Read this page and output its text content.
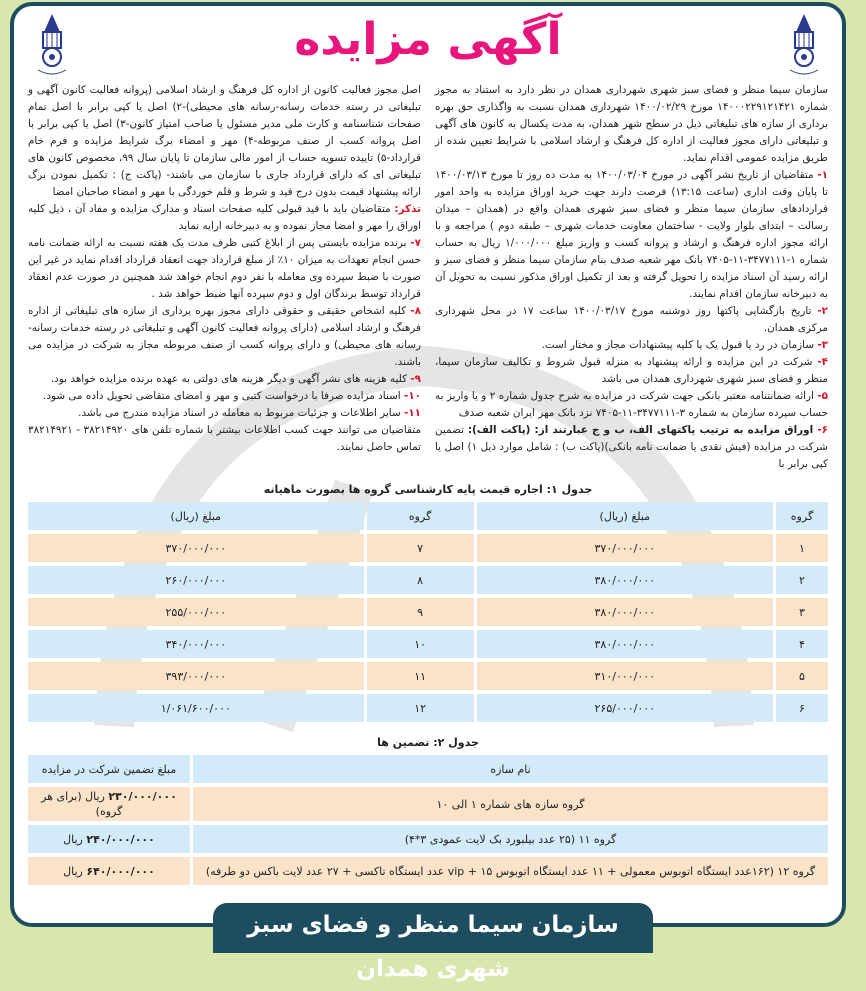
آگهی مزایده

سازمان سیما منظر و فضای سبز شهری شهرداری همدان در نظر دارد به استناد به مجوز شماره ۱۴۰۰۰۲۲۹۱۲۱۴۲۱ مورخ ۱۴۰۰/۰۲/۲۹ شهرداری همدان نسبت به واگذاری حق بهره برداری از سازه های تبلیغاتی ذیل در سطح شهر همدان، به مدت یکسال به کانون های آگهی و تبلیغاتی دارای مجوز فعالیت از اداره کل فرهنگ و ارشاد اسلامی با شرایط تعیین شده از طریق مزایده عمومی اقدام نماید.

۱- متقاضیان از تاریخ نشر آگهی در مورخ ۱۴۰۰/۰۳/۰۴ به مدت ده روز تا مورخ ۱۴۰۰/۰۳/۱۳ تا پایان وقت اداری (ساعت ۱۳:۱۵) فرصت دارند جهت خرید اوراق مزایده به واحد امور قراردادهای سازمان سیما منظر و فضای سبز شهری همدان واقع در (همدان – میدان رسالت – ابتدای بلوار ولایت - ساختمان معاونت خدمات شهری – طبقه دوم ) مراجعه و با ارائه مجوز اداره فرهنگ و ارشاد و پروانه کسب و واریز مبلغ ۱/۰۰۰/۰۰۰ ریال به حساب شماره ۱-۳۴۷۷۱۱۱-۱۱-۷۴۰۵ بانک مهر شعبه صدف بنام سازمان سیما منظر و فضای سبز و ارائه رسید آن اسناد مزایده را تحویل گرفته و بعد از تکمیل اوراق مذکور نسبت به تحویل آن به دبیرخانه سازمان اقدام نمایند.

۲- تاریخ بازگشایی پاکتها روز دوشنبه مورخ ۱۴۰۰/۰۳/۱۷ ساعت ۱۷ در محل شهرداری مرکزی همدان.

۳- سازمان در رد یا قبول یک یا کلیه پیشنهادات مجاز و مختار است.

۴- شرکت در این مزایده و ارائه پیشنهاد به منزله قبول شروط و تکالیف سازمان سیما، منظر و فضای سبز شهری شهرداری همدان می باشد

۵- ارائه ضمانتنامه معتبر بانکی جهت شرکت در مزایده به شرح جدول شماره ۲ و یا واریز به حساب سپرده سازمان به شماره ۳-۳۴۷۷۱۱۱-۱۱-۷۴۰۵ نزد بانک مهر ایران شعبه صدف

۶- اوراق مزایده به ترتیب پاکتهای الف، ب و ج عبارتند از: (پاکت الف): تضمین شرکت در مزایده (فیش نقدی یا ضمانت نامه بانکی)(پاکت ب) : شامل موارد ذیل ۱) اصل یا کپی برابر با

اصل مجوز فعالیت کانون از اداره کل فرهنگ و ارشاد اسلامی (پروانه فعالیت کانون آگهی و تبلیغاتی در رسته خدمات رسانه-رسانه های محیطی)-۲) اصل یا کپی برابر با اصل تمام صفحات شناسنامه و کارت ملی مدیر مسئول یا صاحب امتیاز کانون-۳) اصل یا کپی برابر با اصل پروانه کسب از صنف مربوطه-۴) مهر و امضاء برگ شرایط مزایده و فرم خام قرارداد-۵) تاییده تسویه حساب از امور مالی سازمان تا پایان سال ۹۹، مخصوص کانون های تبلیغاتی ای که دارای قرارداد جاری با سازمان می باشند- (پاکت ج) : تکمیل نمودن برگ ارائه پیشنهاد قیمت بدون درج قید و شرط و قلم خوردگی با مهر و امضاء صاحبان امضا

تذکر: متقاضیان باید با قید قبولی کلیه صفحات اسناد و مدارک مزایده و مفاد آن ، ذیل کلیه اوراق را مهر و امضا مجاز نموده و به دبیرخانه ارایه نماید

۷- برنده مزایده بایستی پس از ابلاغ کتبی ظرف مدت یک هفته نسبت به ارائه ضمانت نامه حسن انجام تعهدات به میزان ۱۰٪ از مبلغ قرارداد جهت انعقاد قرارداد اقدام نماید در غیر این صورت با ضبط سپرده وی معامله با نفر دوم انجام خواهد شد همچنین در صورت عدم انعقاد قرارداد توسط برندگان اول و دوم سپرده آنها ضبط خواهد شد .

۸- کلیه اشخاص حقیقی و حقوقی دارای مجوز بهره برداری از سازه های تبلیغاتی از اداره فرهنگ و ارشاد اسلامی (دارای پروانه فعالیت کانون آگهی و تبلیغاتی در رسته خدمات رسانه-رسانه های محیطی) و دارای پروانه کسب از صنف مربوطه مجاز به شرکت در مزایده می باشند.

۹- کلیه هزینه های نشر آگهی و دیگر هزینه های دولتی به عهده برنده مزایده خواهد بود.

۱۰- اسناد مزایده صرفا با درخواست کتبی و مهر و امضای متقاضی تحویل داده می شود.

۱۱- سایر اطلاعات و جزئیات مربوط به معامله در اسناد مزایده مندرج می باشد.

متقاضیان می توانند جهت کسب اطلاعات بیشتر با شماره تلفن های ۳۸۲۱۴۹۲۰ - ۳۸۲۱۴۹۲۱ تماس حاصل نمایند.

جدول ۱: اجاره قیمت پایه کارشناسی گروه ها بصورت ماهیانه
گروه	مبلغ (ریال)	گروه	مبلغ (ریال)
۱	۳۷۰/۰۰۰/۰۰۰	۷	۳۷۰/۰۰۰/۰۰۰
۲	۳۸۰/۰۰۰/۰۰۰	۸	۲۶۰/۰۰۰/۰۰۰
۳	۳۸۰/۰۰۰/۰۰۰	۹	۲۵۵/۰۰۰/۰۰۰
۴	۳۸۰/۰۰۰/۰۰۰	۱۰	۳۴۰/۰۰۰/۰۰۰
۵	۳۱۰/۰۰۰/۰۰۰	۱۱	۳۹۳/۰۰۰/۰۰۰
۶	۲۶۵/۰۰۰/۰۰۰	۱۲	۱/۰۶۱/۶۰۰/۰۰۰
جدول ۲: تضمین ها
نام سازه	مبلغ تضمین شرکت در مزایده
گروه سازه های شماره ۱ الی ۱۰	۲۳۰/۰۰۰/۰۰۰ ریال (برای هر گروه)
گروه ۱۱ (۲۵ عدد بیلبورد بک لایت عمودی ۳*۴)	۲۴۰/۰۰۰/۰۰۰ ریال
گروه ۱۲ (۱۶۲عدد ایستگاه اتوبوس معمولی + ۱۱ عدد ایستگاه اتوبوس vip + ۱۵ عدد ایستگاه تاکسی + ۲۷ عدد لایت باکس دو طرفه)	۶۴۰/۰۰۰/۰۰۰ ریال
سازمان سیما منظر و فضای سبز شهری همدان
